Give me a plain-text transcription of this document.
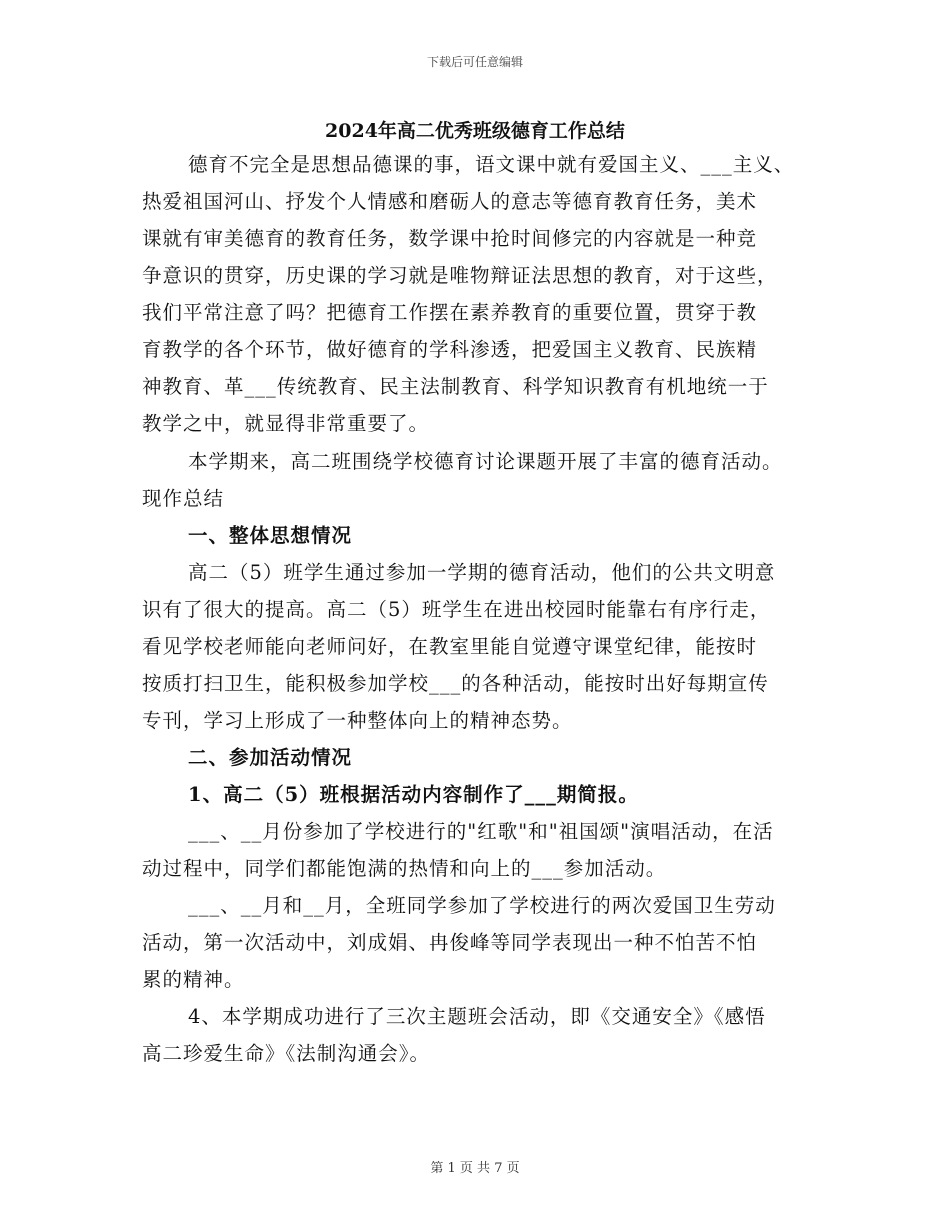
下载后可任意编辑
2024年高二优秀班级德育工作总结
德育不完全是思想品德课的事，语文课中就有爱国主义、___主义、
热爱祖国河山、抒发个人情感和磨砺人的意志等德育教育任务，美术
课就有审美德育的教育任务，数学课中抢时间修完的内容就是一种竞
争意识的贯穿，历史课的学习就是唯物辩证法思想的教育，对于这些，
我们平常注意了吗？把德育工作摆在素养教育的重要位置，贯穿于教
育教学的各个环节，做好德育的学科渗透，把爱国主义教育、民族精
神教育、革___传统教育、民主法制教育、科学知识教育有机地统一于
教学之中，就显得非常重要了。
本学期来，高二班围绕学校德育讨论课题开展了丰富的德育活动。
现作总结
一、整体思想情况
高二（5）班学生通过参加一学期的德育活动，他们的公共文明意
识有了很大的提高。高二（5）班学生在进出校园时能靠右有序行走，
看见学校老师能向老师问好，在教室里能自觉遵守课堂纪律，能按时
按质打扫卫生，能积极参加学校___的各种活动，能按时出好每期宣传
专刊，学习上形成了一种整体向上的精神态势。
二、参加活动情况
1、高二（5）班根据活动内容制作了___期简报。
___、__月份参加了学校进行的"红歌"和"祖国颂"演唱活动，在活
动过程中，同学们都能饱满的热情和向上的___参加活动。
___、__月和__月，全班同学参加了学校进行的两次爱国卫生劳动
活动，第一次活动中，刘成娟、冉俊峰等同学表现出一种不怕苦不怕
累的精神。
4、本学期成功进行了三次主题班会活动，即《交通安全》《感悟
高二珍爱生命》《法制沟通会》。
第 1 页 共 7 页
